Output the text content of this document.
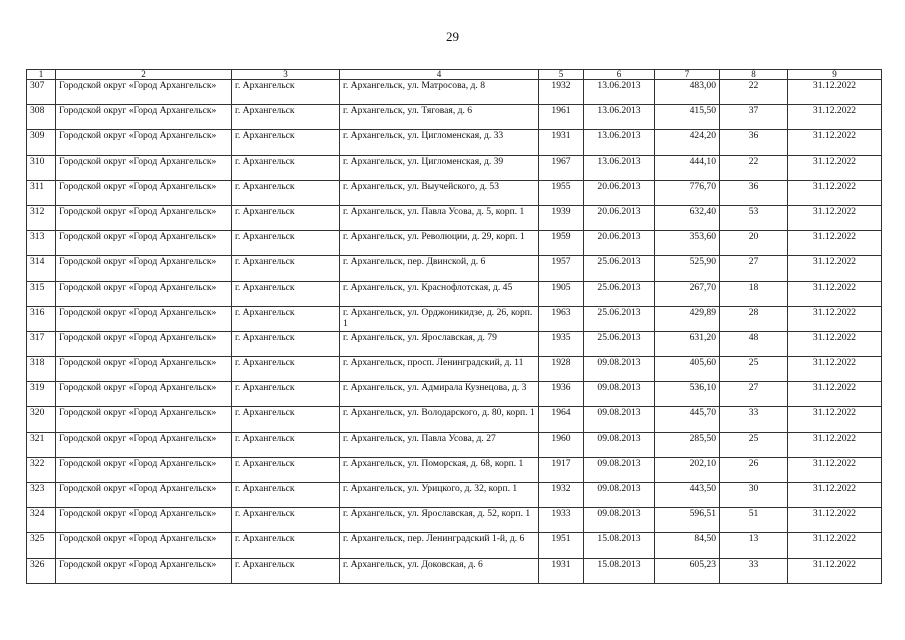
29
1	2	3	4	5	6	7	8	9
307	Городской округ «Город Архангельск»	г. Архангельск	г. Архангельск, ул. Матросова, д. 8	1932	13.06.2013	483,00	22	31.12.2022
308	Городской округ «Город Архангельск»	г. Архангельск	г. Архангельск, ул. Тяговая, д. 6	1961	13.06.2013	415,50	37	31.12.2022
309	Городской округ «Город Архангельск»	г. Архангельск	г. Архангельск, ул. Цигломенская, д. 33	1931	13.06.2013	424,20	36	31.12.2022
310	Городской округ «Город Архангельск»	г. Архангельск	г. Архангельск, ул. Цигломенская, д. 39	1967	13.06.2013	444,10	22	31.12.2022
311	Городской округ «Город Архангельск»	г. Архангельск	г. Архангельск, ул. Выучейского, д. 53	1955	20.06.2013	776,70	36	31.12.2022
312	Городской округ «Город Архангельск»	г. Архангельск	г. Архангельск, ул. Павла Усова, д. 5, корп. 1	1939	20.06.2013	632,40	53	31.12.2022
313	Городской округ «Город Архангельск»	г. Архангельск	г. Архангельск, ул. Революции, д. 29, корп. 1	1959	20.06.2013	353,60	20	31.12.2022
314	Городской округ «Город Архангельск»	г. Архангельск	г. Архангельск, пер. Двинской, д. 6	1957	25.06.2013	525,90	27	31.12.2022
315	Городской округ «Город Архангельск»	г. Архангельск	г. Архангельск, ул. Краснофлотская, д. 45	1905	25.06.2013	267,70	18	31.12.2022
316	Городской округ «Город Архангельск»	г. Архангельск	г. Архангельск, ул. Орджоникидзе, д. 26, корп. 1	1963	25.06.2013	429,89	28	31.12.2022
317	Городской округ «Город Архангельск»	г. Архангельск	г. Архангельск, ул. Ярославская, д. 79	1935	25.06.2013	631,20	48	31.12.2022
318	Городской округ «Город Архангельск»	г. Архангельск	г. Архангельск, просп. Ленинградский, д. 11	1928	09.08.2013	405,60	25	31.12.2022
319	Городской округ «Город Архангельск»	г. Архангельск	г. Архангельск, ул. Адмирала Кузнецова, д. 3	1936	09.08.2013	536,10	27	31.12.2022
320	Городской округ «Город Архангельск»	г. Архангельск	г. Архангельск, ул. Володарского, д. 80, корп. 1	1964	09.08.2013	445,70	33	31.12.2022
321	Городской округ «Город Архангельск»	г. Архангельск	г. Архангельск, ул. Павла Усова, д. 27	1960	09.08.2013	285,50	25	31.12.2022
322	Городской округ «Город Архангельск»	г. Архангельск	г. Архангельск, ул. Поморская, д. 68, корп. 1	1917	09.08.2013	202,10	26	31.12.2022
323	Городской округ «Город Архангельск»	г. Архангельск	г. Архангельск, ул. Урицкого, д. 32, корп. 1	1932	09.08.2013	443,50	30	31.12.2022
324	Городской округ «Город Архангельск»	г. Архангельск	г. Архангельск, ул. Ярославская, д. 52, корп. 1	1933	09.08.2013	596,51	51	31.12.2022
325	Городской округ «Город Архангельск»	г. Архангельск	г. Архангельск, пер. Ленинградский 1-й, д. 6	1951	15.08.2013	84,50	13	31.12.2022
326	Городской округ «Город Архангельск»	г. Архангельск	г. Архангельск, ул. Доковская, д. 6	1931	15.08.2013	605,23	33	31.12.2022
